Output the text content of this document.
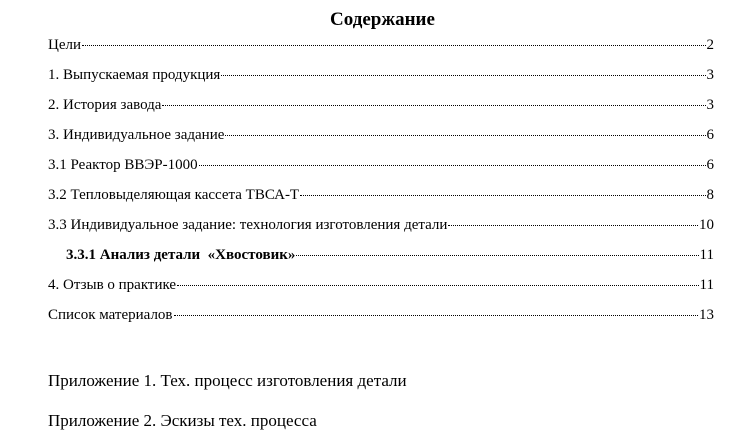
Содержание
Цели	2
1. Выпускаемая продукция	3
2. История завода	3
3. Индивидуальное задание	6
3.1 Реактор ВВЭР-1000	6
3.2 Тепловыделяющая кассета ТВСА-Т	8
3.3 Индивидуальное задание: технология изготовления детали	10
3.3.1 Анализ детали  «Хвостовик»	11
4. Отзыв о практике	11
Список материалов	13
Приложение 1. Тех. процесс изготовления детали
Приложение 2. Эскизы тех. процесса
